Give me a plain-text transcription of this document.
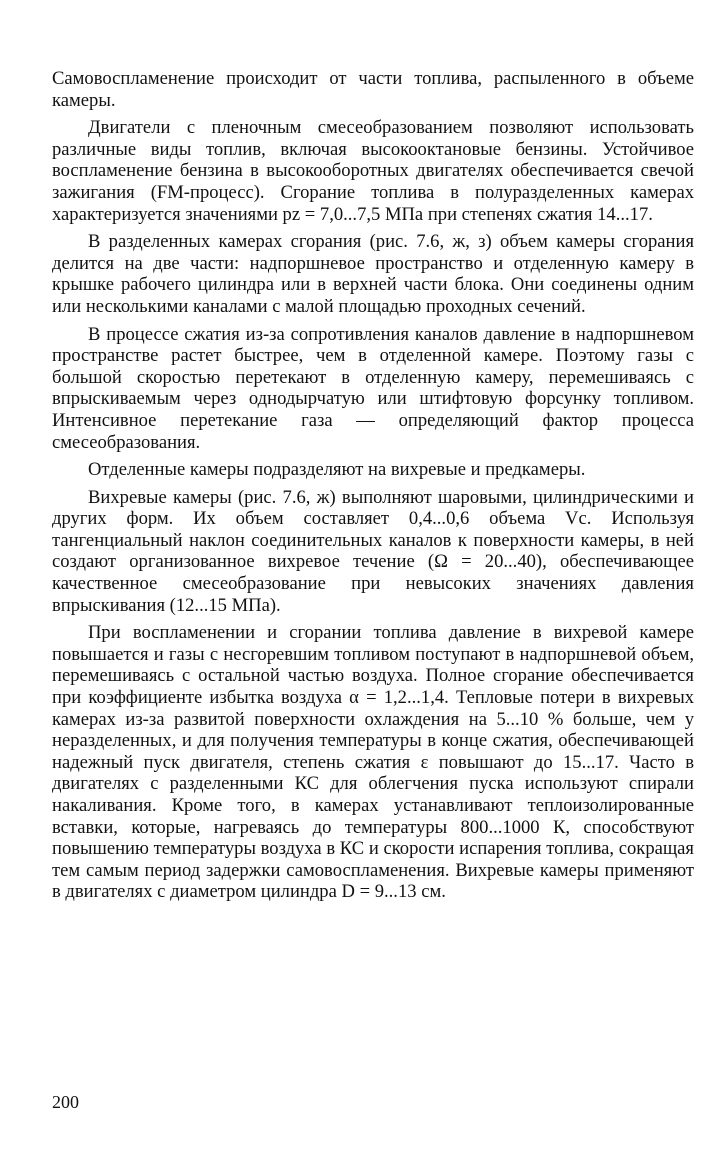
Самовоспламенение происходит от части топлива, распыленного в объеме камеры.

Двигатели с пленочным смесеобразованием позволяют использовать различные виды топлив, включая высокооктановые бензины. Устойчивое воспламенение бензина в высокооборотных двигателях обеспечивается свечой зажигания (FM-процесс). Сгорание топлива в полуразделенных камерах характеризуется значениями pz = 7,0...7,5 МПа при степенях сжатия 14...17.

В разделенных камерах сгорания (рис. 7.6, ж, з) объем камеры сгорания делится на две части: надпоршневое пространство и отделенную камеру в крышке рабочего цилиндра или в верхней части блока. Они соединены одним или несколькими каналами с малой площадью проходных сечений.

В процессе сжатия из-за сопротивления каналов давление в надпоршневом пространстве растет быстрее, чем в отделенной камере. Поэтому газы с большой скоростью перетекают в отделенную камеру, перемешиваясь с впрыскиваемым через однодырчатую или штифтовую форсунку топливом. Интенсивное перетекание газа — определяющий фактор процесса смесеобразования.

Отделенные камеры подразделяют на вихревые и предкамеры.

Вихревые камеры (рис. 7.6, ж) выполняют шаровыми, цилиндрическими и других форм. Их объем составляет 0,4...0,6 объема Vc. Используя тангенциальный наклон соединительных каналов к поверхности камеры, в ней создают организованное вихревое течение (Ω = 20...40), обеспечивающее качественное смесеобразование при невысоких значениях давления впрыскивания (12...15 МПа).

При воспламенении и сгорании топлива давление в вихревой камере повышается и газы с несгоревшим топливом поступают в надпоршневой объем, перемешиваясь с остальной частью воздуха. Полное сгорание обеспечивается при коэффициенте избытка воздуха α = 1,2...1,4. Тепловые потери в вихревых камерах из-за развитой поверхности охлаждения на 5...10 % больше, чем у неразделенных, и для получения температуры в конце сжатия, обеспечивающей надежный пуск двигателя, степень сжатия ε повышают до 15...17. Часто в двигателях с разделенными КС для облегчения пуска используют спирали накаливания. Кроме того, в камерах устанавливают теплоизолированные вставки, которые, нагреваясь до температуры 800...1000 К, способствуют повышению температуры воздуха в КС и скорости испарения топлива, сокращая тем самым период задержки самовоспламенения. Вихревые камеры применяют в двигателях с диаметром цилиндра D = 9...13 см.

200
